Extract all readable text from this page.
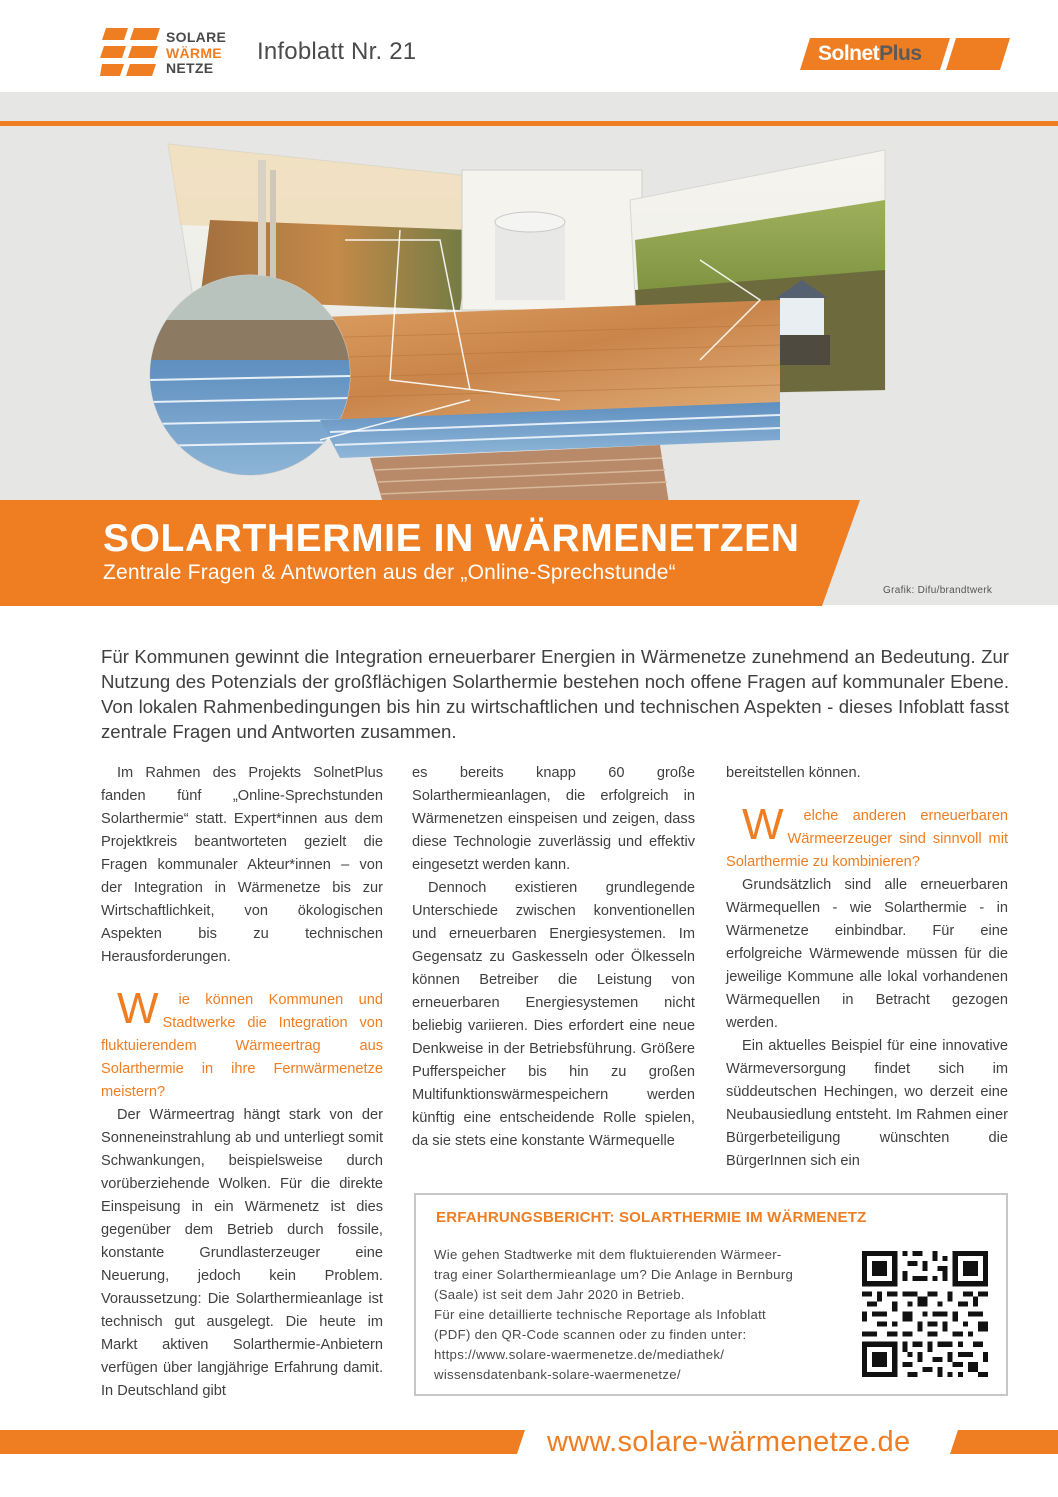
SOLARE
WÄRME
NETZE
Infoblatt Nr. 21	SolnetPlus
SOLARTHERMIE IN WÄRMENETZEN
Zentrale Fragen & Antworten aus der „Online-Sprechstunde“
Grafik: Difu/brandtwerk

Für Kommunen gewinnt die Integration erneuerbarer Energien in Wärmenetze zunehmend an Bedeutung. Zur Nutzung des Potenzials der großflächigen Solarthermie bestehen noch offene Fragen auf kommunaler Ebene. Von lokalen Rahmenbedingungen bis hin zu wirtschaftlichen und technischen Aspekten - dieses Infoblatt fasst zentrale Fragen und Antworten zusammen.

Im Rahmen des Projekts SolnetPlus fanden fünf „Online-Sprechstunden Solarthermie“ statt. Expert*innen aus dem Projektkreis beantworteten gezielt die Fragen kommunaler Akteur*innen – von der Integration in Wärmenetze bis zur Wirtschaftlichkeit, von ökologischen Aspekten bis zu technischen Herausforderungen.

W ie können Kommunen und Stadtwerke die Integration von fluktuierendem Wärmeertrag aus Solarthermie in ihre Fernwärmenetze meistern?

Der Wärmeertrag hängt stark von der Sonneneinstrahlung ab und unterliegt somit Schwankungen, beispielsweise durch vorüberziehende Wolken. Für die direkte Einspeisung in ein Wärmenetz ist dies gegenüber dem Betrieb durch fossile, konstante Grundlasterzeuger eine Neuerung, jedoch kein Problem. Voraussetzung: Die Solarthermieanlage ist technisch gut ausgelegt. Die heute im Markt aktiven Solarthermie-Anbietern verfügen über langjährige Erfahrung damit. In Deutschland gibt

es bereits knapp 60 große Solarthermieanlagen, die erfolgreich in Wärmenetzen einspeisen und zeigen, dass diese Technologie zuverlässig und effektiv eingesetzt werden kann.

Dennoch existieren grundlegende Unterschiede zwischen konventionellen und erneuerbaren Energiesystemen. Im Gegensatz zu Gaskesseln oder Ölkesseln können Betreiber die Leistung von erneuerbaren Energiesystemen nicht beliebig variieren. Dies erfordert eine neue Denkweise in der Betriebsführung. Größere Pufferspeicher bis hin zu großen Multifunktionswärmespeichern werden künftig eine entscheidende Rolle spielen, da sie stets eine konstante Wärmequelle

bereitstellen können.

W elche anderen erneuerbaren Wärmeerzeuger sind sinnvoll mit Solarthermie zu kombinieren?

Grundsätzlich sind alle erneuerbaren Wärmequellen - wie Solarthermie - in Wärmenetze einbindbar. Für eine erfolgreiche Wärmewende müssen für die jeweilige Kommune alle lokal vorhandenen Wärmequellen in Betracht gezogen werden.

Ein aktuelles Beispiel für eine innovative Wärmeversorgung findet sich im süddeutschen Hechingen, wo derzeit eine Neubausiedlung entsteht. Im Rahmen einer Bürgerbeteiligung wünschten die BürgerInnen sich ein

ERFAHRUNGSBERICHT: SOLARTHERMIE IM WÄRMENETZ
Wie gehen Stadtwerke mit dem fluktuierenden Wärmeer-
trag einer Solarthermieanlage um? Die Anlage in Bernburg
(Saale) ist seit dem Jahr 2020 in Betrieb.
Für eine detaillierte technische Reportage als Infoblatt
(PDF) den QR-Code scannen oder zu finden unter:
https://www.solare-waermenetze.de/mediathek/
wissensdatenbank-solare-waermenetze/
www.solare-wärmenetze.de
